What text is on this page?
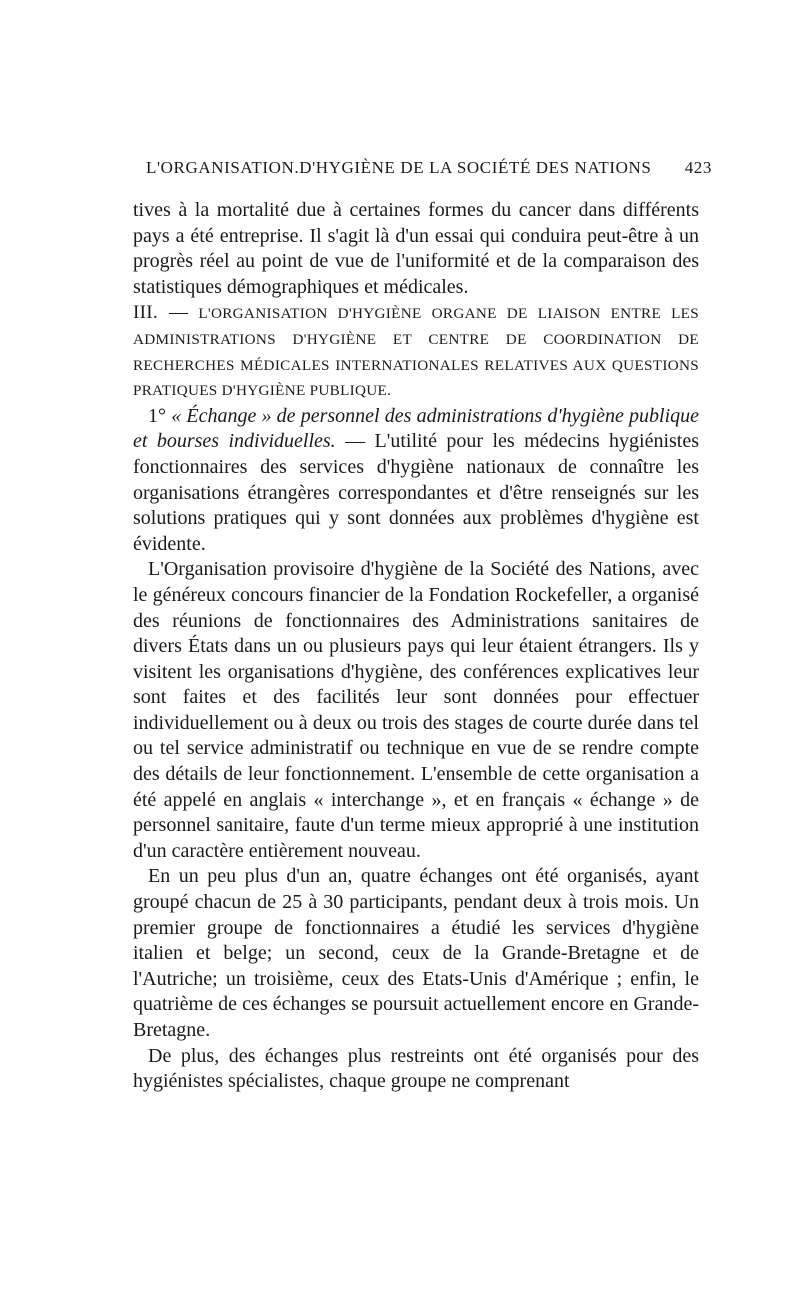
L'ORGANISATION.D'HYGIÈNE DE LA SOCIÉTÉ DES NATIONS 423

tives à la mortalité due à certaines formes du cancer dans différents pays a été entreprise. Il s'agit là d'un essai qui conduira peut-être à un progrès réel au point de vue de l'uniformité et de la comparaison des statistiques démographiques et médicales.

III. — L'ORGANISATION D'HYGIÈNE ORGANE DE LIAISON ENTRE LES ADMINISTRATIONS D'HYGIÈNE ET CENTRE DE COORDINATION DE RECHERCHES MÉDICALES INTERNATIONALES RELATIVES AUX QUESTIONS PRATIQUES D'HYGIÈNE PUBLIQUE.

1° « Échange » de personnel des administrations d'hygiène publique et bourses individuelles. — L'utilité pour les médecins hygiénistes fonctionnaires des services d'hygiène nationaux de connaître les organisations étrangères correspondantes et d'être renseignés sur les solutions pratiques qui y sont données aux problèmes d'hygiène est évidente.

L'Organisation provisoire d'hygiène de la Société des Nations, avec le généreux concours financier de la Fondation Rockefeller, a organisé des réunions de fonctionnaires des Administrations sanitaires de divers États dans un ou plusieurs pays qui leur étaient étrangers. Ils y visitent les organisations d'hygiène, des conférences explicatives leur sont faites et des facilités leur sont données pour effectuer individuellement ou à deux ou trois des stages de courte durée dans tel ou tel service administratif ou technique en vue de se rendre compte des détails de leur fonctionnement. L'ensemble de cette organisation a été appelé en anglais « interchange », et en français « échange » de personnel sanitaire, faute d'un terme mieux approprié à une institution d'un caractère entièrement nouveau.

En un peu plus d'un an, quatre échanges ont été organisés, ayant groupé chacun de 25 à 30 participants, pendant deux à trois mois. Un premier groupe de fonctionnaires a étudié les services d'hygiène italien et belge; un second, ceux de la Grande-Bretagne et de l'Autriche; un troisième, ceux des Etats-Unis d'Amérique ; enfin, le quatrième de ces échanges se poursuit actuellement encore en Grande-Bretagne.

De plus, des échanges plus restreints ont été organisés pour des hygiénistes spécialistes, chaque groupe ne comprenant
